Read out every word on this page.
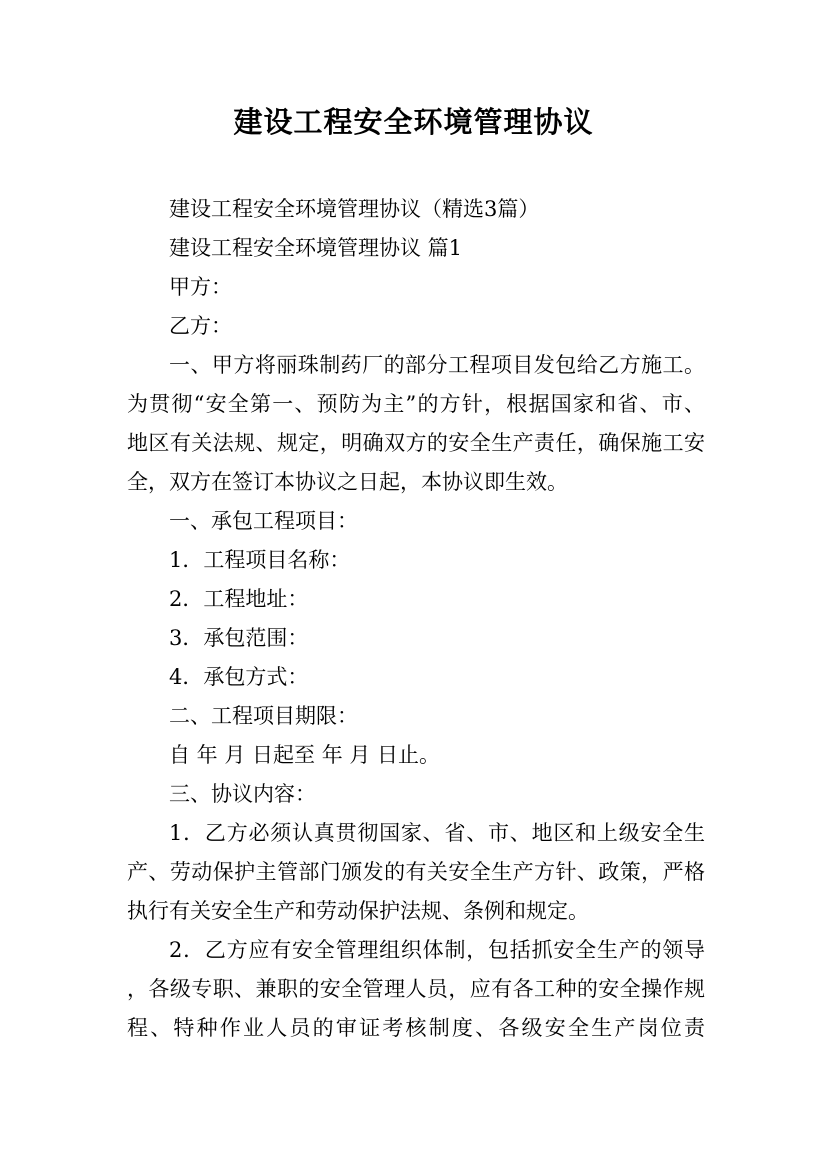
建设工程安全环境管理协议

建设工程安全环境管理协议（精选3篇）

建设工程安全环境管理协议 篇1

甲方：

乙方：

一、甲方将丽珠制药厂的部分工程项目发包给乙方施工。
为贯彻“安全第一、预防为主”的方针，根据国家和省、市、
地区有关法规、规定，明确双方的安全生产责任，确保施工安
全，双方在签订本协议之日起，本协议即生效。

一、承包工程项目：

1．工程项目名称：

2．工程地址：

3．承包范围：

4．承包方式：

二、工程项目期限：

自 年 月 日起至 年 月 日止。

三、协议内容：

1．乙方必须认真贯彻国家、省、市、地区和上级安全生
产、劳动保护主管部门颁发的有关安全生产方针、政策，严格
执行有关安全生产和劳动保护法规、条例和规定。

2．乙方应有安全管理组织体制，包括抓安全生产的领导
，各级专职、兼职的安全管理人员，应有各工种的安全操作规
程、特种作业人员的审证考核制度、各级安全生产岗位责
